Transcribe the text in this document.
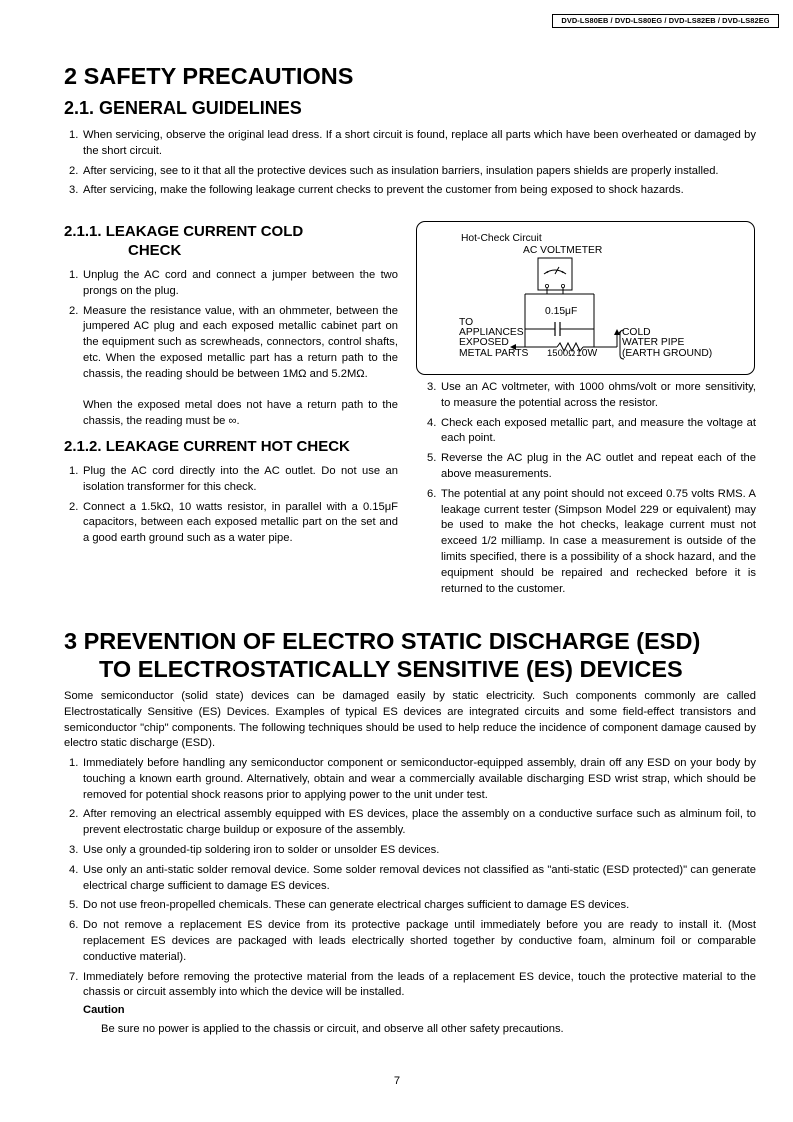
DVD-LS80EB / DVD-LS80EG / DVD-LS82EB / DVD-LS82EG
2 SAFETY PRECAUTIONS
2.1. GENERAL GUIDELINES
1. When servicing, observe the original lead dress. If a short circuit is found, replace all parts which have been overheated or damaged by the short circuit.
2. After servicing, see to it that all the protective devices such as insulation barriers, insulation papers shields are properly installed.
3. After servicing, make the following leakage current checks to prevent the customer from being exposed to shock hazards.
2.1.1. LEAKAGE CURRENT COLD
CHECK
1. Unplug the AC cord and connect a jumper between the two prongs on the plug.
2. Measure the resistance value, with an ohmmeter, between the jumpered AC plug and each exposed metallic cabinet part on the equipment such as screwheads, connectors, control shafts, etc. When the exposed metallic part has a return path to the chassis, the reading should be between 1MΩ and 5.2MΩ.
When the exposed metal does not have a return path to the chassis, the reading must be ∞.
2.1.2. LEAKAGE CURRENT HOT CHECK
1. Plug the AC cord directly into the AC outlet. Do not use an isolation transformer for this check.
2. Connect a 1.5kΩ, 10 watts resistor, in parallel with a 0.15μF capacitors, between each exposed metallic part on the set and a good earth ground such as a water pipe.
Hot-Check Circuit
AC VOLTMETER
0.15μF
TO
APPLIANCES
EXPOSED
METAL PARTS 1500Ω 10W
COLD
WATER PIPE
(EARTH GROUND)
3. Use an AC voltmeter, with 1000 ohms/volt or more sensitivity, to measure the potential across the resistor.
4. Check each exposed metallic part, and measure the voltage at each point.
5. Reverse the AC plug in the AC outlet and repeat each of the above measurements.
6. The potential at any point should not exceed 0.75 volts RMS. A leakage current tester (Simpson Model 229 or equivalent) may be used to make the hot checks, leakage current must not exceed 1/2 milliamp. In case a measurement is outside of the limits specified, there is a possibility of a shock hazard, and the equipment should be repaired and rechecked before it is returned to the customer.
3 PREVENTION OF ELECTRO STATIC DISCHARGE (ESD)
TO ELECTROSTATICALLY SENSITIVE (ES) DEVICES
Some semiconductor (solid state) devices can be damaged easily by static electricity. Such components commonly are called Electrostatically Sensitive (ES) Devices. Examples of typical ES devices are integrated circuits and some field-effect transistors and semiconductor "chip" components. The following techniques should be used to help reduce the incidence of component damage caused by electro static discharge (ESD).
1. Immediately before handling any semiconductor component or semiconductor-equipped assembly, drain off any ESD on your body by touching a known earth ground. Alternatively, obtain and wear a commercially available discharging ESD wrist strap, which should be removed for potential shock reasons prior to applying power to the unit under test.
2. After removing an electrical assembly equipped with ES devices, place the assembly on a conductive surface such as alminum foil, to prevent electrostatic charge buildup or exposure of the assembly.
3. Use only a grounded-tip soldering iron to solder or unsolder ES devices.
4. Use only an anti-static solder removal device. Some solder removal devices not classified as "anti-static (ESD protected)" can generate electrical charge sufficient to damage ES devices.
5. Do not use freon-propelled chemicals. These can generate electrical charges sufficient to damage ES devices.
6. Do not remove a replacement ES device from its protective package until immediately before you are ready to install it. (Most replacement ES devices are packaged with leads electrically shorted together by conductive foam, alminum foil or comparable conductive material).
7. Immediately before removing the protective material from the leads of a replacement ES device, touch the protective material to the chassis or circuit assembly into which the device will be installed.
Caution
Be sure no power is applied to the chassis or circuit, and observe all other safety precautions.
7
